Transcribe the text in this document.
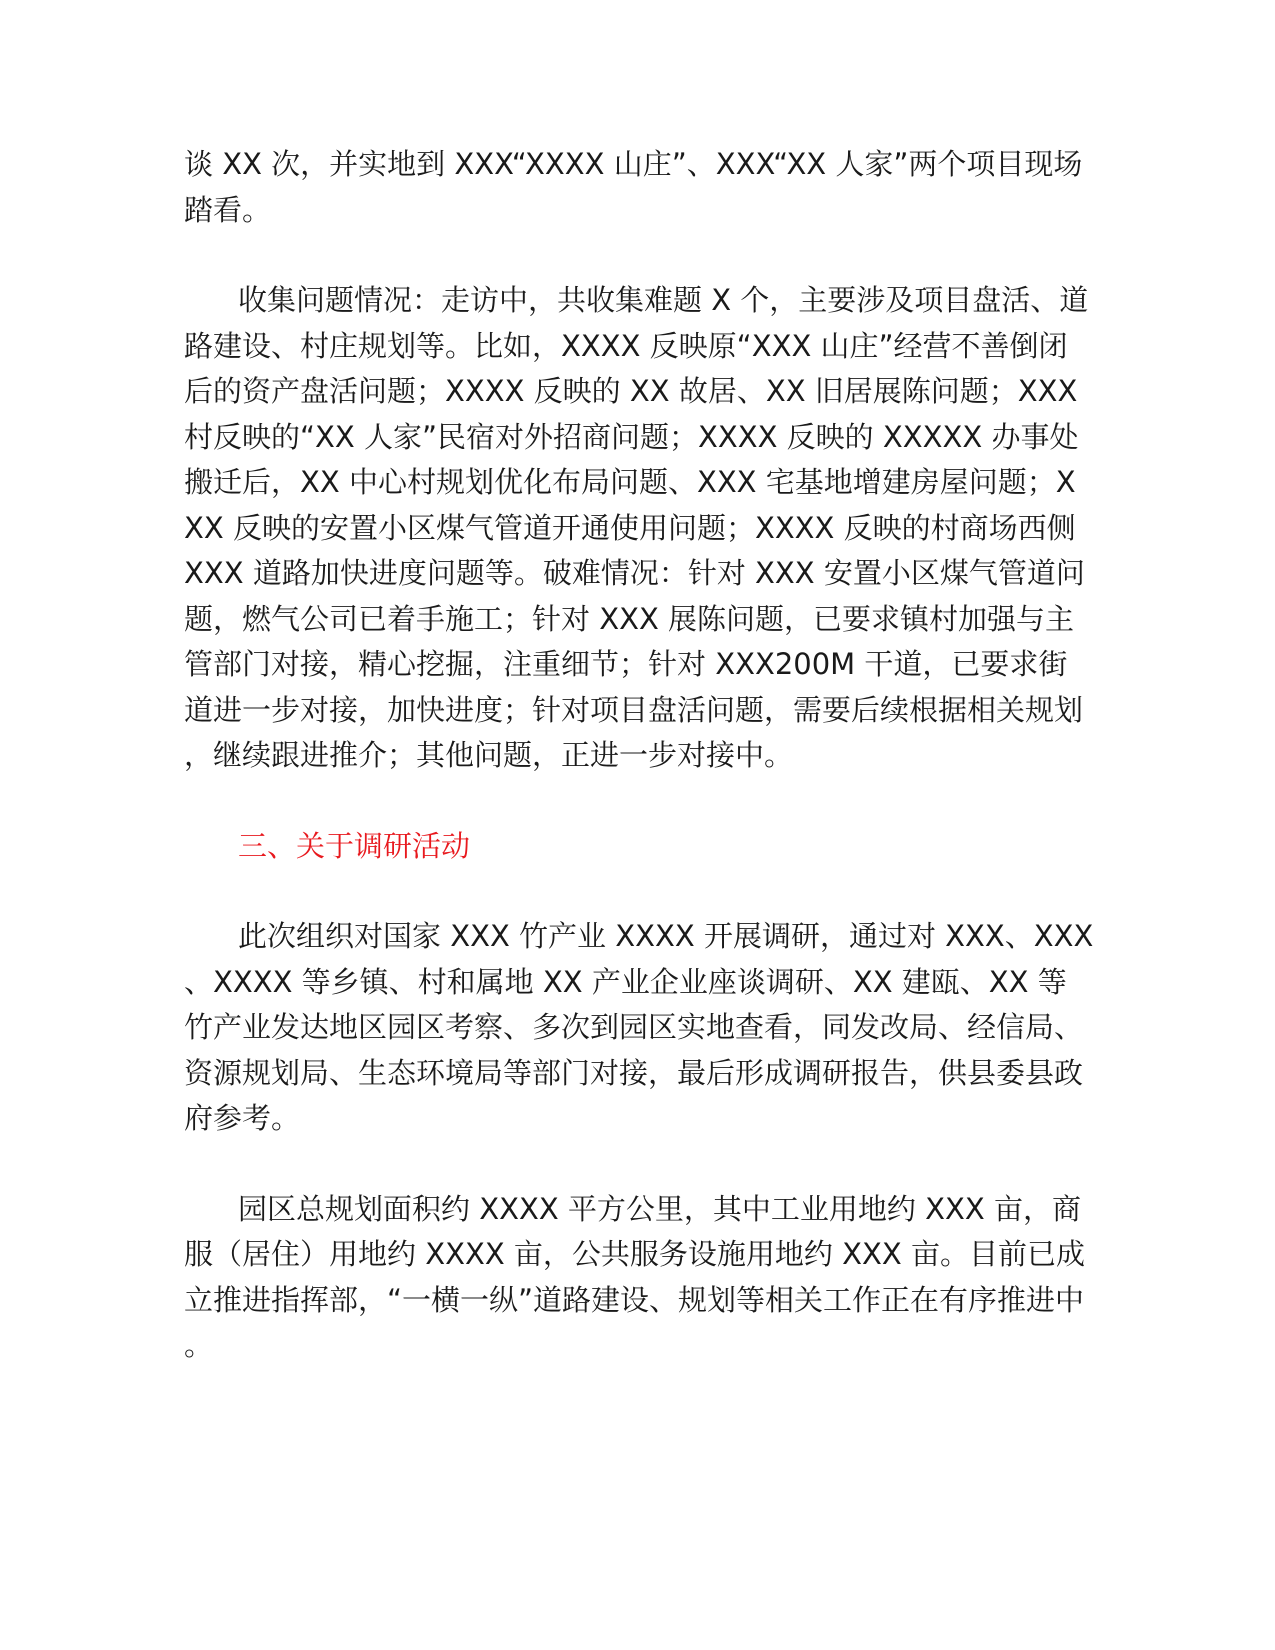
谈 XX 次，并实地到 XXX“XXXX 山庄”、XXX“XX 人家”两个项目现场踏看。

收集问题情况：走访中，共收集难题 X 个，主要涉及项目盘活、道路建设、村庄规划等。比如，XXXX 反映原“XXX 山庄”经营不善倒闭后的资产盘活问题；XXXX 反映的 XX 故居、XX 旧居展陈问题；XXX 村反映的“XX 人家”民宿对外招商问题；XXXX 反映的 XXXXX 办事处搬迁后，XX 中心村规划优化布局问题、XXX 宅基地增建房屋问题；XXX 反映的安置小区煤气管道开通使用问题；XXXX 反映的村商场西侧 XXX 道路加快进度问题等。破难情况：针对 XXX 安置小区煤气管道问题，燃气公司已着手施工；针对 XXX 展陈问题，已要求镇村加强与主管部门对接，精心挖掘，注重细节；针对 XXX200M 干道，已要求街道进一步对接，加快进度；针对项目盘活问题，需要后续根据相关规划，继续跟进推介；其他问题，正进一步对接中。

三、关于调研活动

此次组织对国家 XXX 竹产业 XXXX 开展调研，通过对 XXX、XXX、XXXX 等乡镇、村和属地 XX 产业企业座谈调研、XX 建瓯、XX 等竹产业发达地区园区考察、多次到园区实地查看，同发改局、经信局、资源规划局、生态环境局等部门对接，最后形成调研报告，供县委县政府参考。

园区总规划面积约 XXXX 平方公里，其中工业用地约 XXX 亩，商服（居住）用地约 XXXX 亩，公共服务设施用地约 XXX 亩。目前已成立推进指挥部，“一横一纵”道路建设、规划等相关工作正在有序推进中。
